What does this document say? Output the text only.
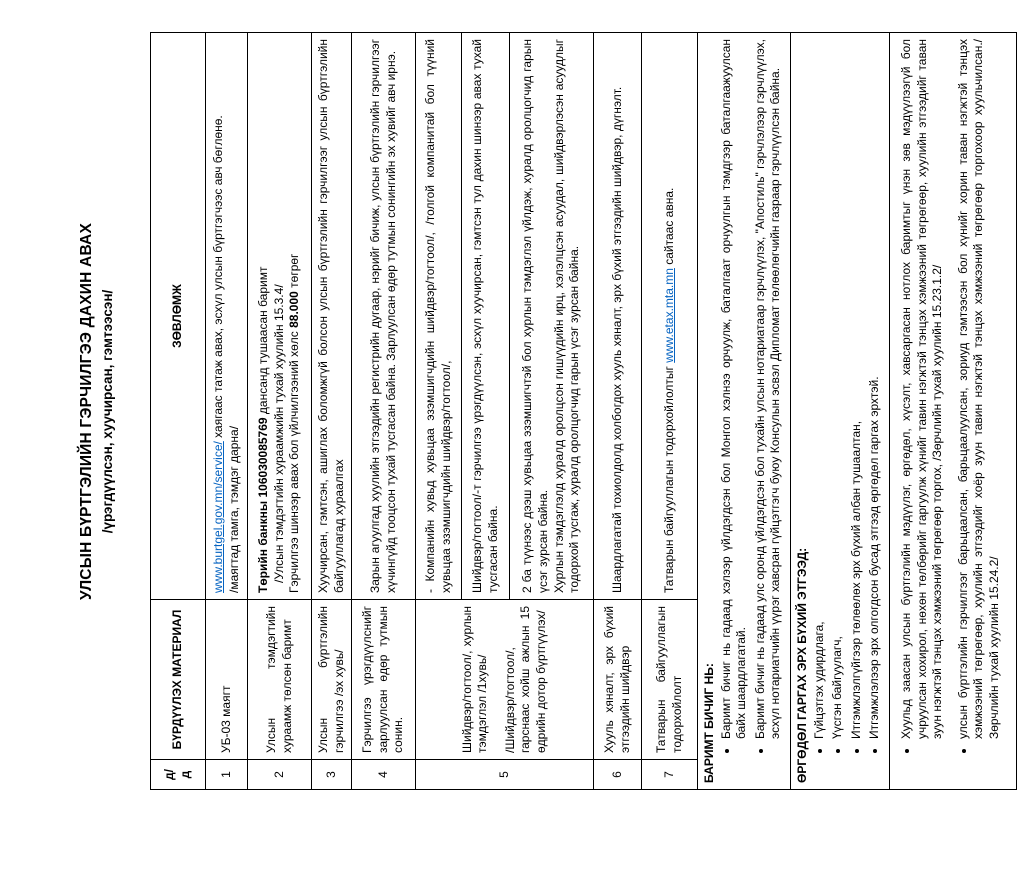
УЛСЫН БҮРТГЭЛИЙН ГЭРЧИЛГЭЭ ДАХИН АВАХ /үрэгдүүлсэн, хуучирсан, гэмтээсэн/
д/д	БҮРДҮҮЛЭХ МАТЕРИАЛ	ЗӨВЛӨМЖ
1	УБ-03 маягт	www.burtgel.gov.mn/service/ хаягаас татаж авах, эсхүл улсын бүртгэгчээс авч бөглөнө.
/маягтад тамга, тэмдэг дарна/

2	Улсын тэмдэгтийн хураамж төлсөн баримт	Төрийн банкны 106030085769 дансанд тушаасан баримт /Улсын тэмдэгтийн хураамжийн тухай хуулийн 15.3.4/ Гэрчилгээ шинээр авах бол үйлчилгээний хөлс 88.000 төгрөг

3	Улсын бүртгэлийн гэрчилгээ /эх хувь/	Хуучирсан, гэмтсэн, ашиглах боломжгүй болсон улсын бүртгэлийн гэрчилгээг улсын бүртгэлийн байгууллагад хураалгах
4	Гэрчилгээ үрэгдүүлснийг зарлуулсан өдөр тутмын сонин.	Зарын агуулгад хуулийн этгээдийн регистрийн дугаар, нэрийг бичиж, улсын бүртгэлийн гэрчилгээг хүчингүйд тооцсон тухай тусгасан байна. Зарлуулсан өдөр тутмын сонингийн эх хувийг авч ирнэ.
5	Шийдвэр/тогтоол/, хурлын тэмдэглэл /1хувь/ /Шийдвэр/тогтоол/, гарснаас хойш ажлын 15 өдрийн дотор бүртгүүлэх/	- Компанийн хувьд хувьцаа эзэмшигчдийн шийдвэр/тогтоол/, /толгой компанитай бол түүний хувьцаа эзэмшигчдийн шийдвэр/тогтоол/,
		Шийдвэр/тогтоол/-т гэрчилгээ үрэгдүүлсэн, эсхүл хуучирсан, гэмтсэн тул дахин шинээр авах тухай тусгасан байна.

		2 ба түүнээс дээш хувьцаа эзэмшигчтэй бол хурлын тэмдэглэл үйлдэж, хуралд оролцогчид гарын үсэг зурсан байна. Хурлын тэмдэглэлд хуралд оролцсон гишүүдийн ирц, хэлэлцсэн асуудал, шийдвэрлэсэн асуудлыг тодорхой тусгаж, хуралд оролцогчид гарын үсэг зурсан байна.

6	Хууль хяналт, эрх бүхий этгээдийн шийдвэр	Шаардлагатай тохиолдолд холбогдох хууль хяналт, эрх бүхий этгээдийн шийдвэр, дүгнэлт.
7	Татварын байгууллагын тодорхойлолт	Татварын байгууллагын тодорхойлолтыг www.etax.mta.mn сайтаас авна.

БАРИМТ БИЧИГ НЬ: • Баримт бичиг нь гадаад хэлээр үйлдэгдсэн бол Монгол хэлнээ орчуулж, баталгаат орчуулгын тэмдгээр баталгаажуулсан байх шаардлагатай. • Баримт бичиг нь гадаад улс оронд үйлдэгдсэн бол тухайн улсын нотариатаар гэрчлүүлэх, "Апостиль" гэрчлэлээр гэрчлүүлэх, эсхүл нотариатчийн үүрэг хавсран гүйцэтгэгч буюу Консулын эсвэл Дипломат төлөөлөгчийн газраар гэрчлүүлсэн байна.

ӨРГӨДӨЛ ГАРГАХ ЭРХ БҮХИЙ ЭТГЭЭД: • Гүйцэтгэх удирдлага, • Үүсгэн байгуулагч, • Итгэмжлэлгүйгээр төлөөлөх эрх бүхий албан тушаалтан, • Итгэмжлэлээр эрх олгогдсон бусад этгээд өргөдөл гаргах эрхтэй.

• Хуульд заасан улсын бүртгэлийн мэдүүлэг, өргөдөл, хүсэлт, хавсаргасан нотлох баримтыг үнэн зөв мэдүүлээгүй бол учруулсан хохирол, нөхөн төлбөрийг гаргуулж хүнийг тавин нэгжтэй тэнцэх хэмжээний төгрөгөөр, хуулийн этгээдийг таван зуун нэгжтэй тэнцэх хэмжээний төгрөгөөр торгох, /Зөрчлийн тухай хуулийн 15.23.1.2/ • улсын бүртгэлийн гэрчилгээг барьцаалсан, барьцаалуулсан, зориуд гэмтээсэн бол хүнийг хорин таван нэгжтэй тэнцэх хэмжээний төгрөгөөр, хуулийн этгээдийг хоёр зуун тавин нэгжтэй тэнцэх хэмжээний төгрөгөөр торгохоор хуульчилсан./Зөрчлийн тухай хуулийн 15.24.2/
